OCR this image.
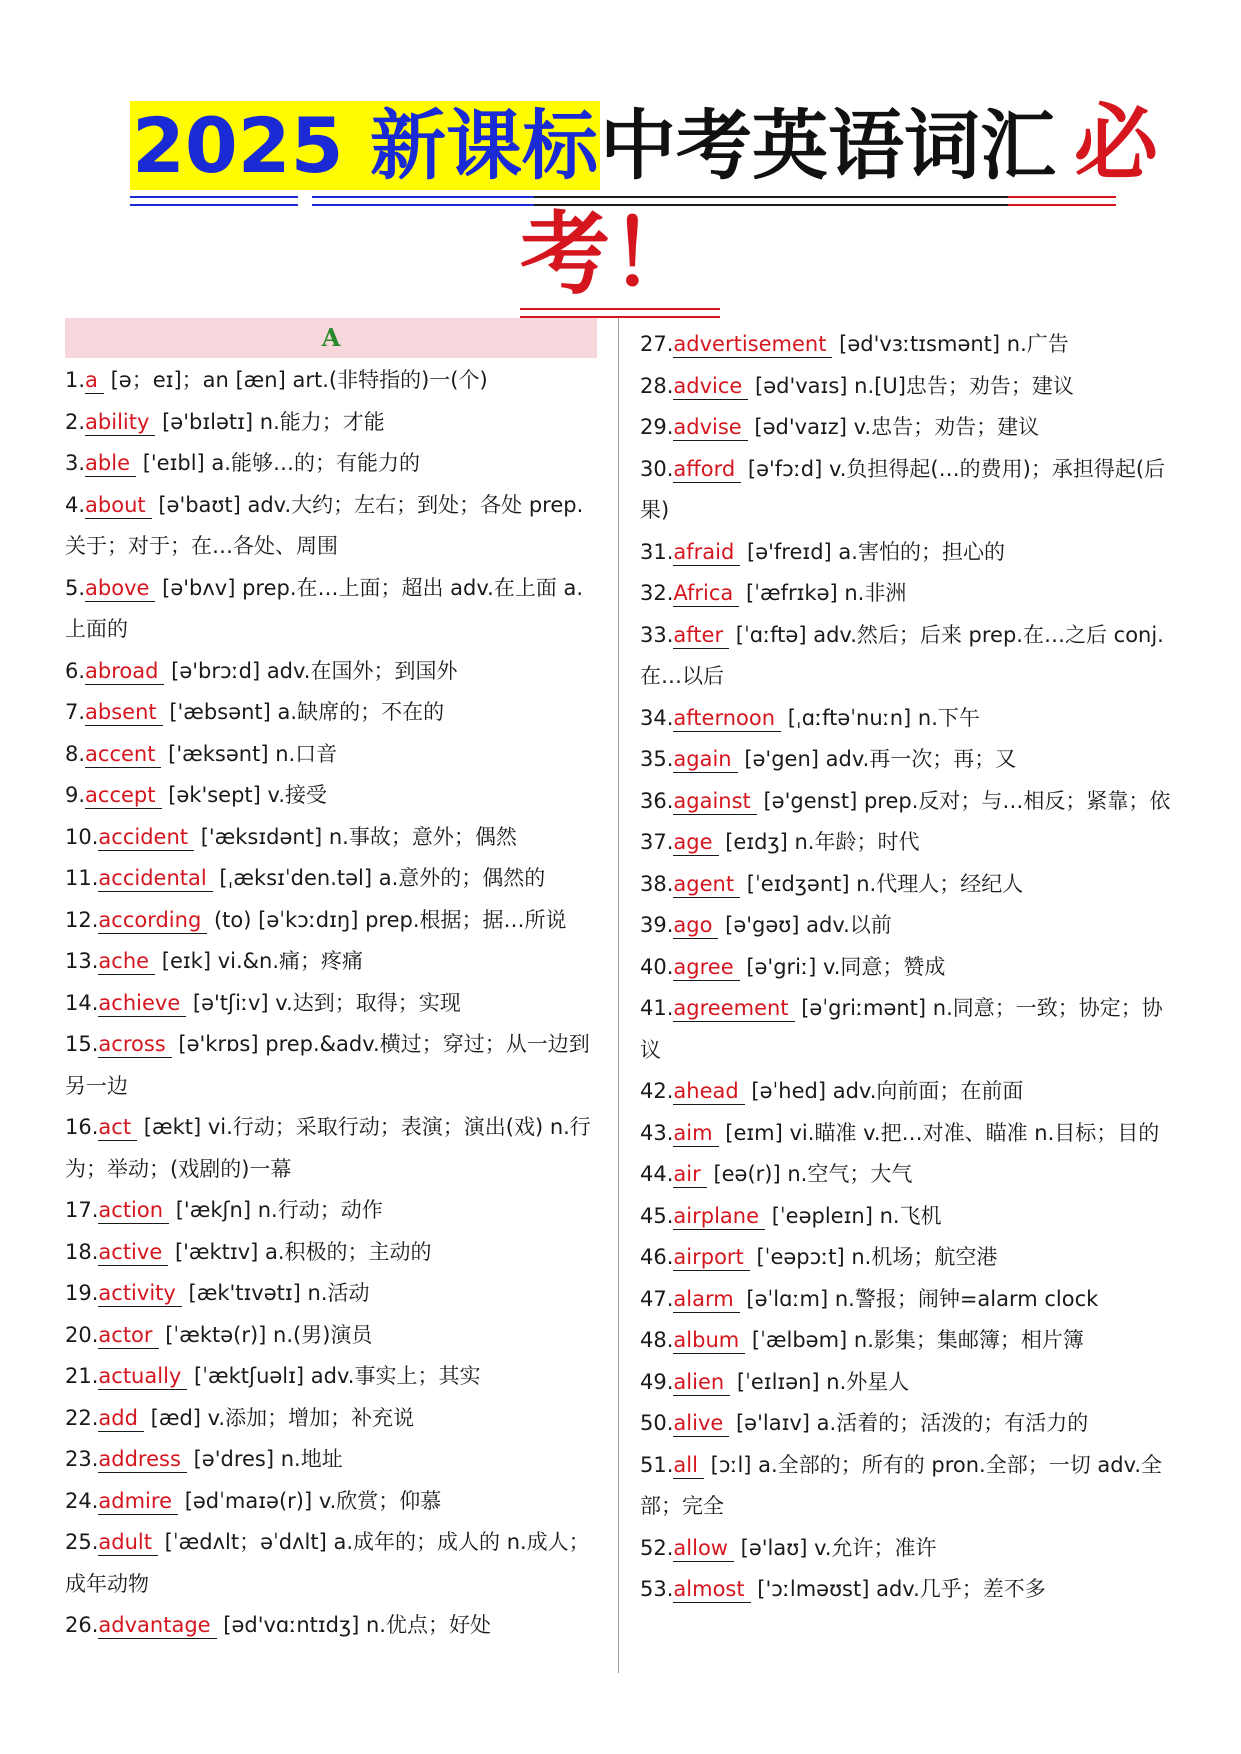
2025 新课标中考英语词汇 必
考！
A
1.a [ə；eɪ]；an [æn] art.(非特指的)一(个)
2.ability [ə'bɪlətɪ] n.能力；才能
3.able ['eɪbl] a.能够…的；有能力的
4.about [ə'baʊt] adv.大约；左右；到处；各处 prep.关于；对于；在…各处、周围
5.above [ə'bʌv] prep.在…上面；超出 adv.在上面 a.上面的
6.abroad [ə'brɔːd] adv.在国外；到国外
7.absent ['æbsənt] a.缺席的；不在的
8.accent ['æksənt] n.口音
9.accept [ək'sept] v.接受
10.accident ['æksɪdənt] n.事故；意外；偶然
11.accidental [ˌæksɪˈden.təl] a.意外的；偶然的
12.according (to) [əˈkɔːdɪŋ] prep.根据；据…所说
13.ache [eɪk] vi.&n.痛；疼痛
14.achieve [ə'tʃiːv] v.达到；取得；实现
15.across [ə'krɒs] prep.&adv.横过；穿过；从一边到另一边
16.act [ækt] vi.行动；采取行动；表演；演出(戏) n.行为；举动；(戏剧的)一幕
17.action ['ækʃn] n.行动；动作
18.active ['æktɪv] a.积极的；主动的
19.activity [æk'tɪvətɪ] n.活动
20.actor [ˈæktə(r)] n.(男)演员
21.actually [ˈæktʃuəlɪ] adv.事实上；其实
22.add [æd] v.添加；增加；补充说
23.address [ə'dres] n.地址
24.admire [ədˈmaɪə(r)] v.欣赏；仰慕
25.adult [ˈædʌlt；əˈdʌlt] a.成年的；成人的 n.成人；成年动物
26.advantage [əd'vɑːntɪdʒ] n.优点；好处
27.advertisement [əd'vɜːtɪsmənt] n.广告
28.advice [əd'vaɪs] n.[U]忠告；劝告；建议
29.advise [əd'vaɪz] v.忠告；劝告；建议
30.afford [ə'fɔːd] v.负担得起(…的费用)；承担得起(后果)
31.afraid [ə'freɪd] a.害怕的；担心的
32.Africa [ˈæfrɪkə] n.非洲
33.after [ˈɑːftə] adv.然后；后来 prep.在…之后 conj.在…以后
34.afternoon [ˌɑːftəˈnuːn] n.下午
35.again [ə'gen] adv.再一次；再；又
36.against [ə'genst] prep.反对；与…相反；紧靠；依
37.age [eɪdʒ] n.年龄；时代
38.agent [ˈeɪdʒənt] n.代理人；经纪人
39.ago [ə'gəʊ] adv.以前
40.agree [ə'griː] v.同意；赞成
41.agreement [əˈgriːmənt] n.同意；一致；协定；协议
42.ahead [əˈhed] adv.向前面；在前面
43.aim [eɪm] vi.瞄准 v.把…对准、瞄准 n.目标；目的
44.air [eə(r)] n.空气；大气
45.airplane [ˈeəpleɪn] n.飞机
46.airport [ˈeəpɔːt] n.机场；航空港
47.alarm [əˈlɑːm] n.警报；闹钟=alarm clock
48.album [ˈælbəm] n.影集；集邮簿；相片簿
49.alien [ˈeɪlɪən] n.外星人
50.alive [ə'laɪv] a.活着的；活泼的；有活力的
51.all [ɔːl] a.全部的；所有的 pron.全部；一切 adv.全部；完全
52.allow [ə'laʊ] v.允许；准许
53.almost ['ɔːlməʊst] adv.几乎；差不多
